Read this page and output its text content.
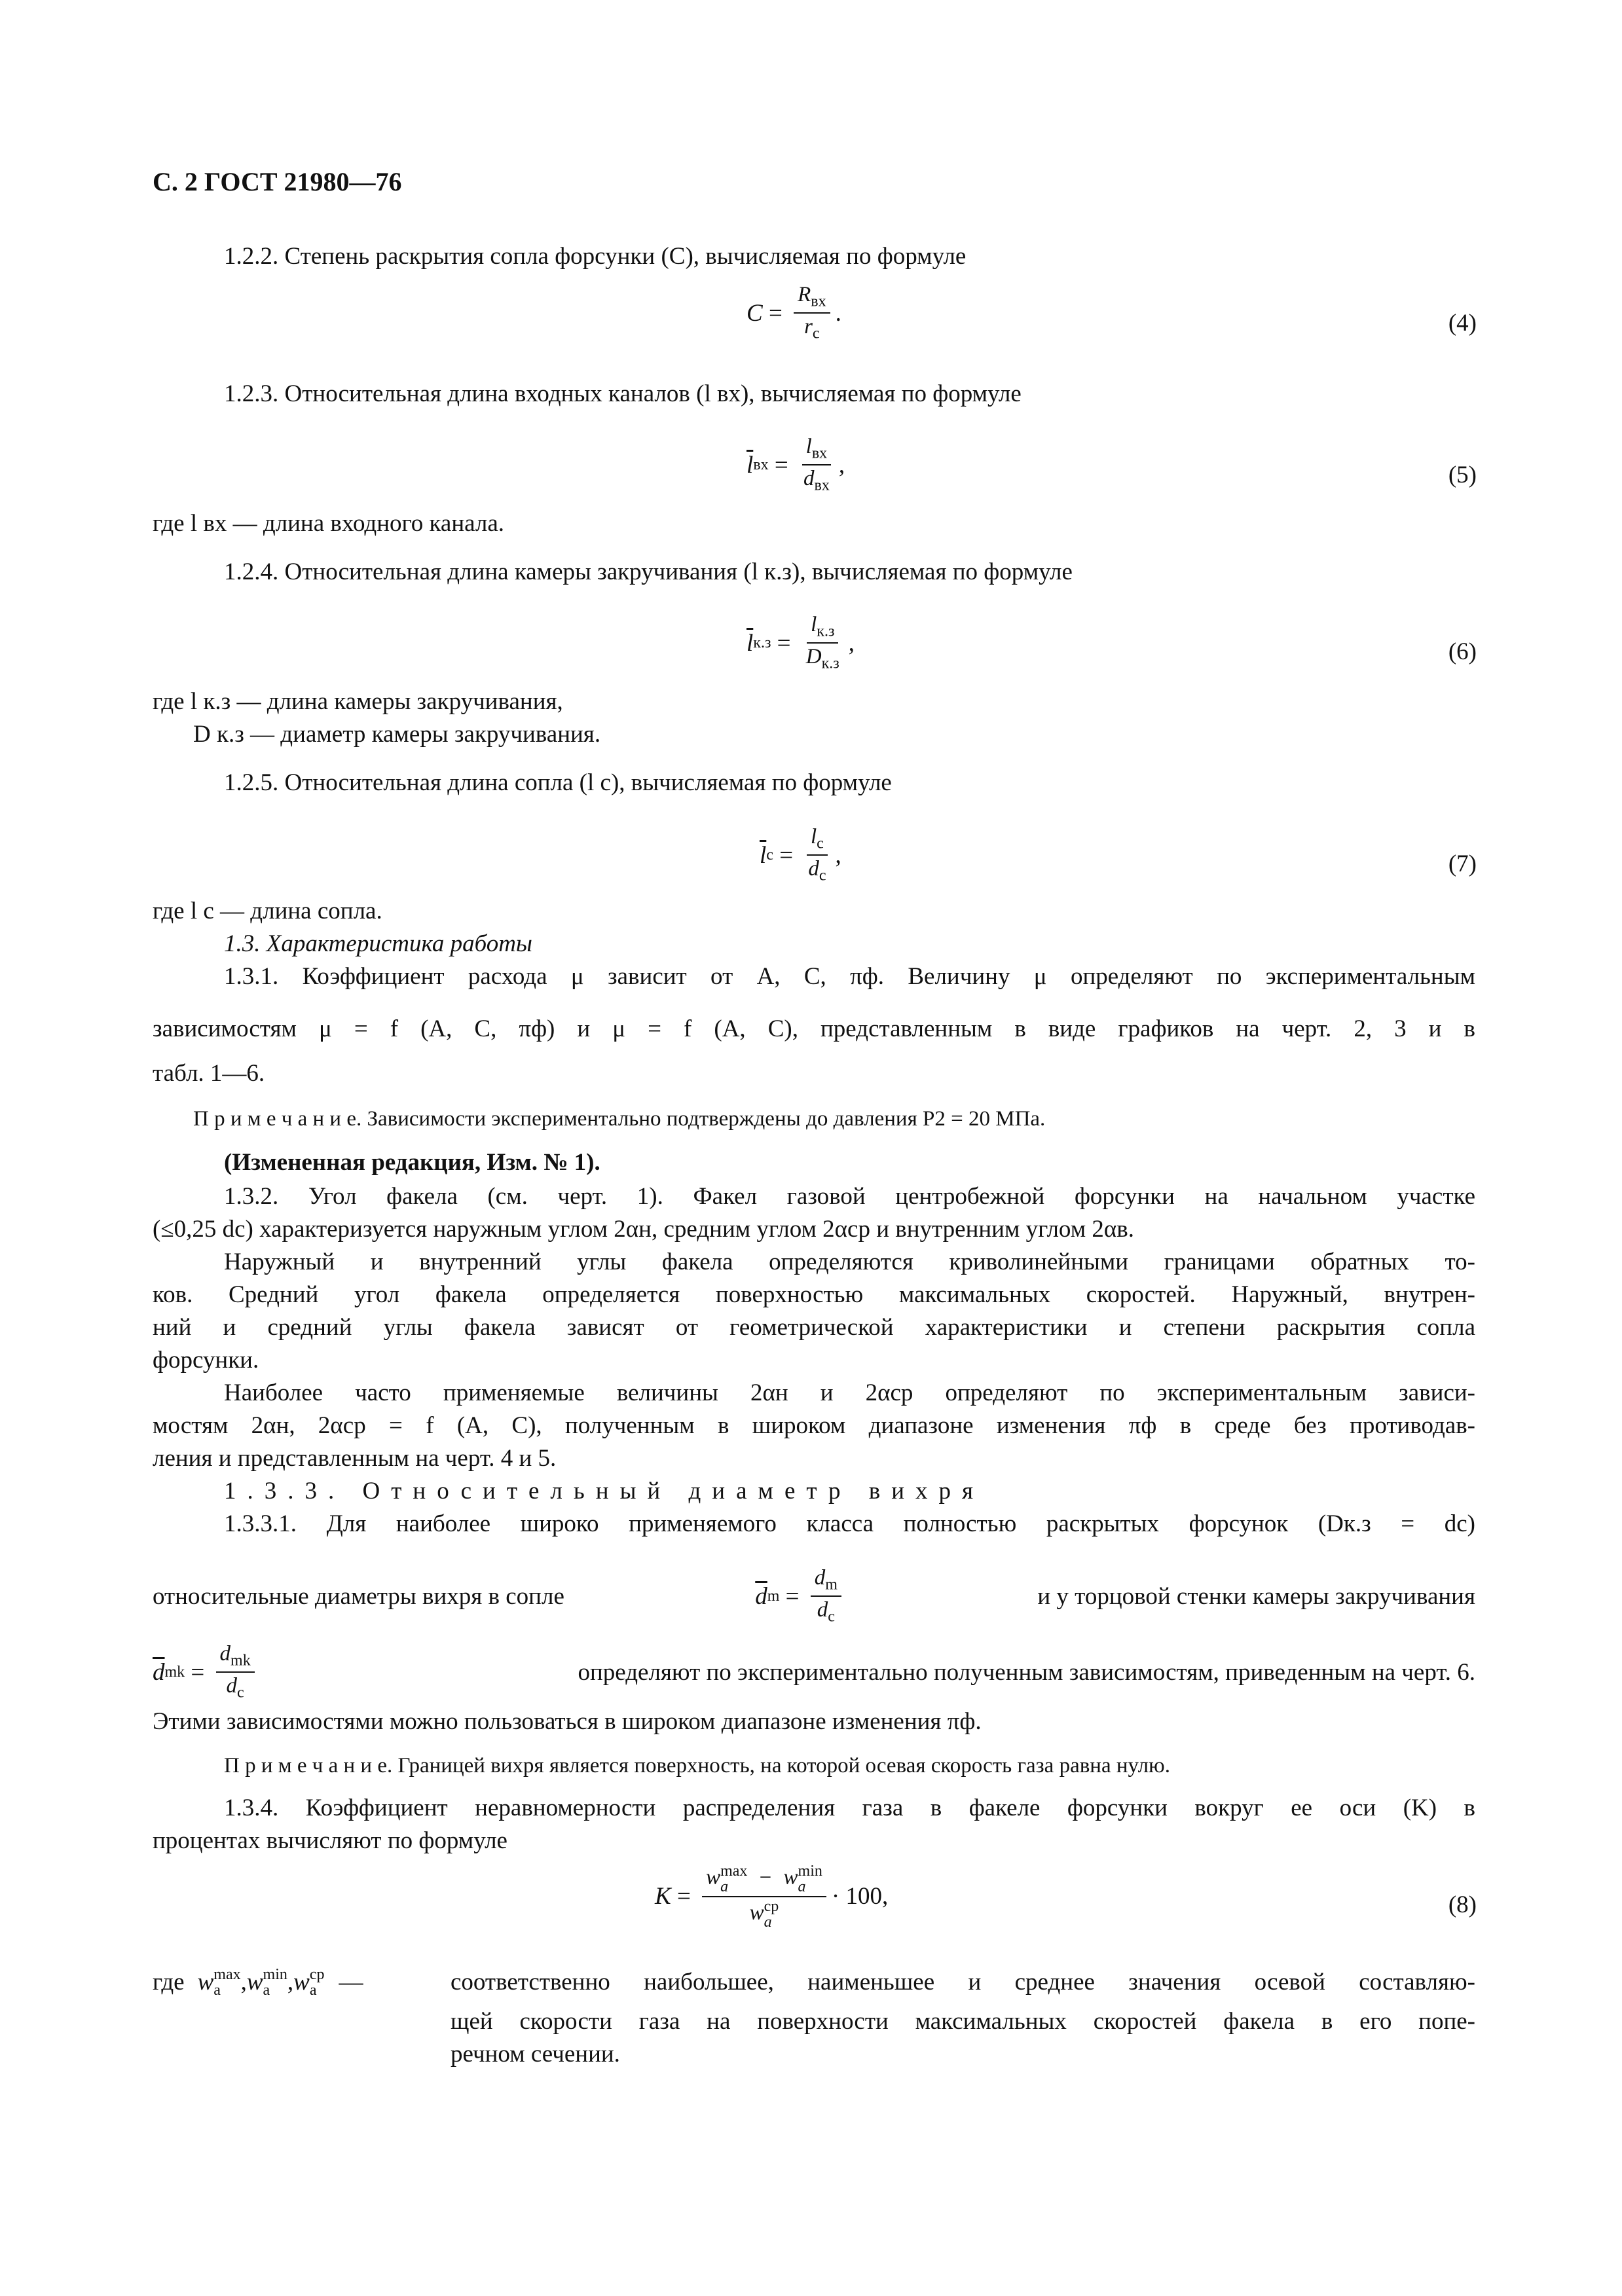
С. 2 ГОСТ 21980—76
1.2.2. Степень раскрытия сопла форсунки (C), вычисляемая по формуле
$C = \frac{R_{вх}}{r_с}$ .	(4)
1.2.3. Относительная длина входных каналов (l вх), вычисляемая по формуле
$\overline{l}$ вх = $\frac{l_{вх}}{d_{вх}}$ ,	(5)
где l вх — длина входного канала.
1.2.4. Относительная длина камеры закручивания (l к.з), вычисляемая по формуле
$\overline{l}$ $к.з = \frac{l_{к.з}}{D_{к.з}}$ ,	(6)
где l к.з — длина камеры закручивания,
D к.з — диаметр камеры закручивания.
1.2.5. Относительная длина сопла (l с), вычисляемая по формуле
$\overline{l}$ $с = \frac{l_с}{d_с}$ ,	(7)
где l с — длина сопла.
1.3. Характеристика работы
1.3.1. Коэффициент расхода μ зависит от A, C, πф. Величину μ определяют по экспериментальным
зависимостям μ = f (A, C, πф) и μ = f (A, C), представленным в виде графиков на черт. 2, 3 и в
табл. 1—6.
П р и м е ч а н и е. Зависимости экспериментально подтверждены до давления P2 = 20 МПа.
(Измененная редакция, Изм. № 1).
1.3.2. Угол факела (см. черт. 1). Факел газовой центробежной форсунки на начальном участке
(≤0,25 dс) характеризуется наружным углом 2αн, средним углом 2αср и внутренним углом 2αв.
Наружный и внутренний углы факела определяются криволинейными границами обратных то-
ков. Средний угол факела определяется поверхностью максимальных скоростей. Наружный, внутрен-
ний и средний углы факела зависят от геометрической характеристики и степени раскрытия сопла
форсунки.
Наиболее часто применяемые величины 2αн и 2αср определяют по экспериментальным зависи-
мостям 2αн, 2αср = f (A, C), полученным в широком диапазоне изменения πф в среде без противодав-
ления и представленным на черт. 4 и 5.
1.3.3. Относительный диаметр вихря
1.3.3.1. Для наиболее широко применяемого класса полностью раскрытых форсунок (Dк.з = dс)
относительные диаметры вихря в сопле	$\overline{d}$ $m = \frac{d_m}{d_c}$	и у торцовой стенки камеры закручивания
$\overline{d}$ mk = $\frac{d_{mk}}{d_c}$	определяют по экспериментально полученным зависимостям, приведенным на черт. 6.
Этими зависимостями можно пользоваться в широком диапазоне изменения πф.
П р и м е ч а н и е. Границей вихря является поверхность, на которой осевая скорость газа равна нулю.
1.3.4. Коэффициент неравномерности распределения газа в факеле форсунки вокруг ее оси (K) в
процентах вычисляют по формуле
K = w max
a	− w min
a
w cp
a · 100,	(8)
где w max
a , w min
a , w cp
a —	соответственно наибольшее, наименьшее и среднее значения осевой составляю-
щей скорости газа на поверхности максимальных скоростей факела в его попе-
речном сечении.
